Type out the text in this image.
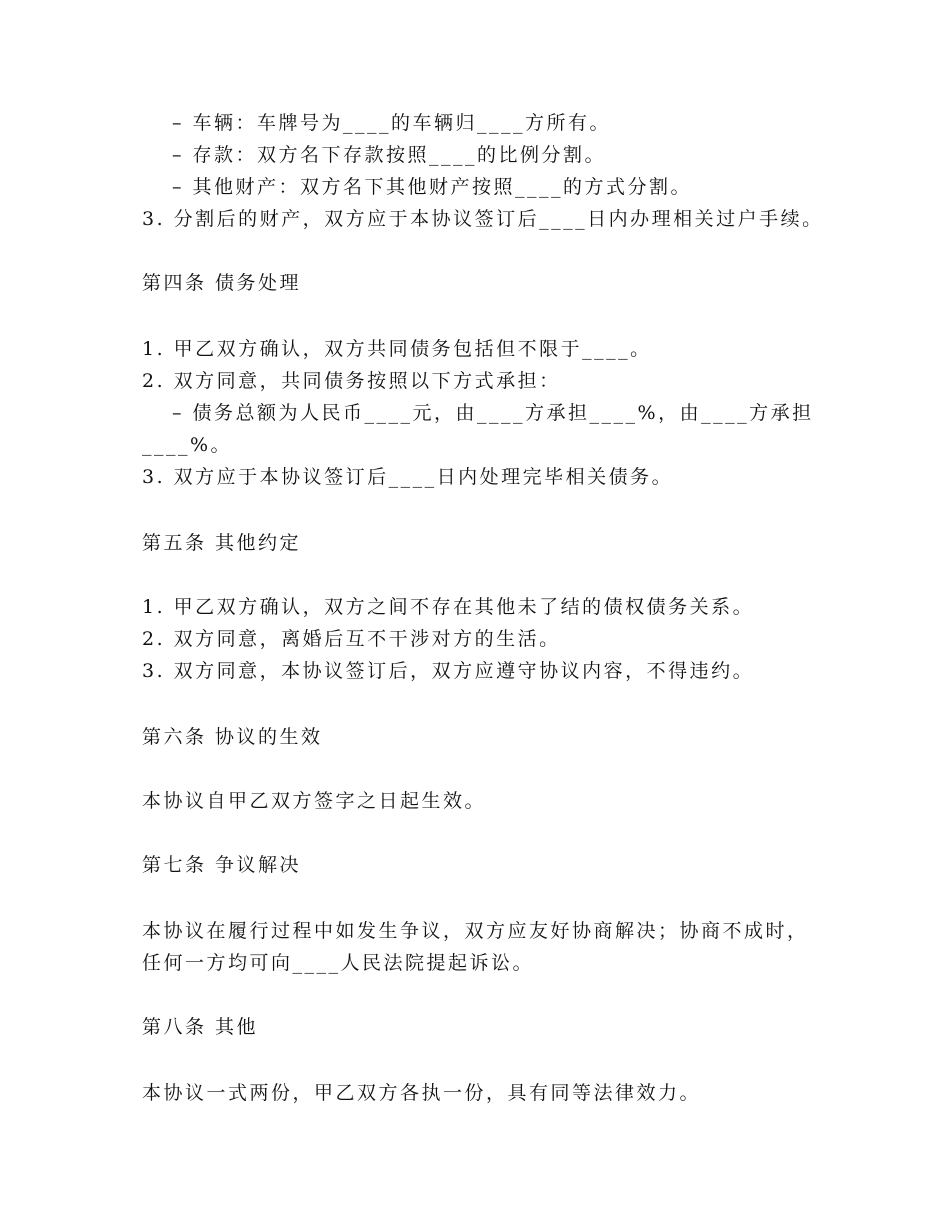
– 车辆：车牌号为____的车辆归____方所有。
– 存款：双方名下存款按照____的比例分割。
– 其他财产：双方名下其他财产按照____的方式分割。
3. 分割后的财产，双方应于本协议签订后____日内办理相关过户手续。
第四条 债务处理
1. 甲乙双方确认，双方共同债务包括但不限于____。
2. 双方同意，共同债务按照以下方式承担：
– 债务总额为人民币____元，由____方承担____%，由____方承担
____%。
3. 双方应于本协议签订后____日内处理完毕相关债务。
第五条 其他约定
1. 甲乙双方确认，双方之间不存在其他未了结的债权债务关系。
2. 双方同意，离婚后互不干涉对方的生活。
3. 双方同意，本协议签订后，双方应遵守协议内容，不得违约。
第六条 协议的生效
本协议自甲乙双方签字之日起生效。
第七条 争议解决
本协议在履行过程中如发生争议，双方应友好协商解决；协商不成时，
任何一方均可向____人民法院提起诉讼。
第八条 其他
本协议一式两份，甲乙双方各执一份，具有同等法律效力。
